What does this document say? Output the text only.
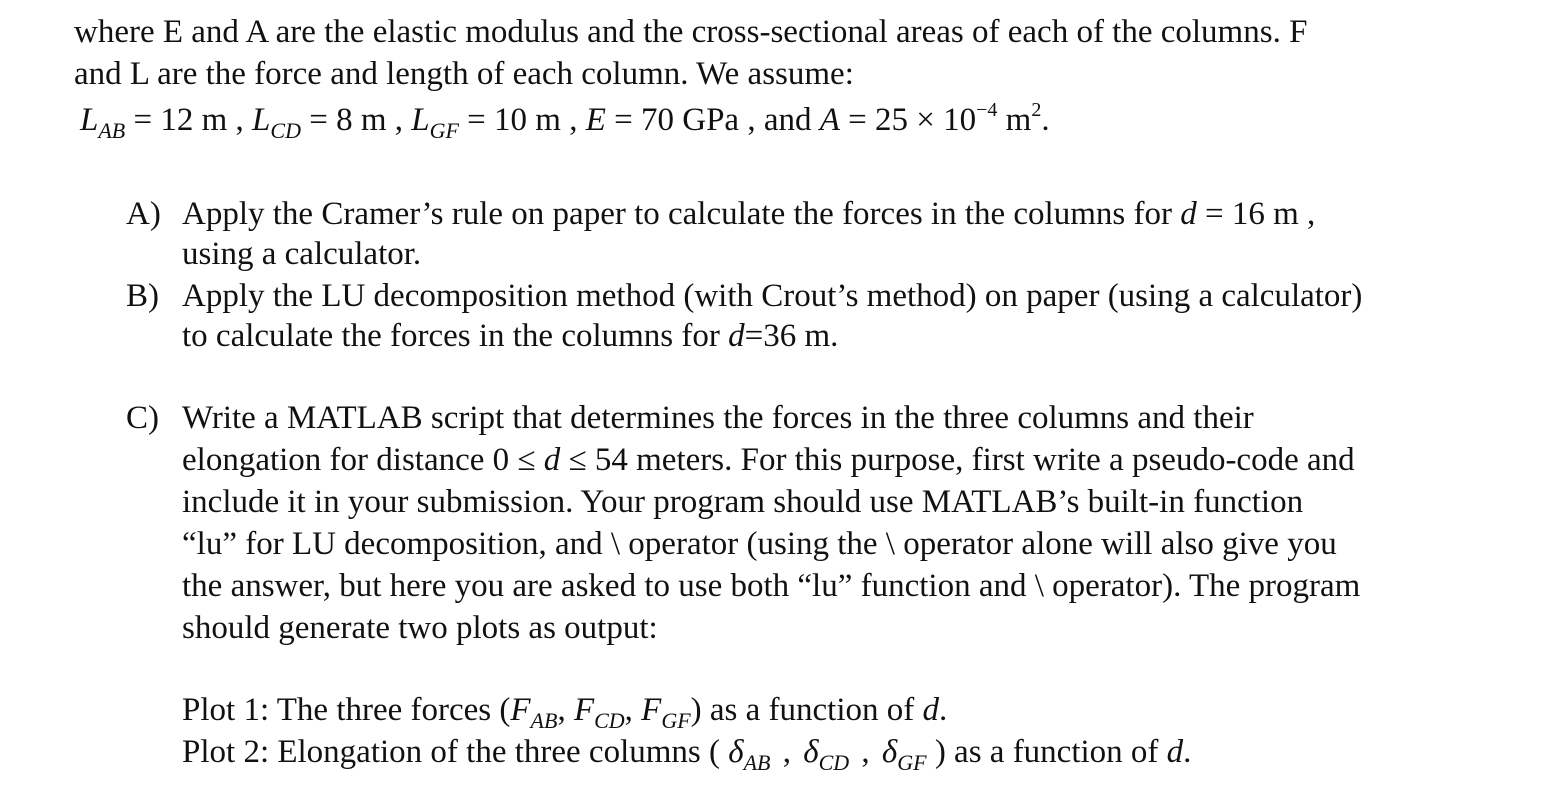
where E and A are the elastic modulus and the cross-sectional areas of each of the columns. F
and L are the force and length of each column. We assume:
$L_{AB} = 12$ m , $L_{CD} = 8$ m , $L_{GF} = 10$ m , E = 70 GPa , and $A = 25 \times 10^{-4}$ $m^2$.
A) Apply the Cramer’s rule on paper to calculate the forces in the columns for d = 16 m ,
using a calculator.
B) Apply the LU decomposition method (with Crout’s method) on paper (using a calculator)
to calculate the forces in the columns for d=36 m.
C) Write a MATLAB script that determines the forces in the three columns and their
elongation for distance 0 ≤ d ≤ 54 meters. For this purpose, first write a pseudo-code and
include it in your submission. Your program should use MATLAB’s built-in function
“lu” for LU decomposition, and \ operator (using the \ operator alone will also give you
the answer, but here you are asked to use both “lu” function and \ operator). The program
should generate two plots as output:
Plot 1: The three forces ($F_{AB}$, $F_{CD}$, $F_{GF}$) as a function of d.
Plot 2: Elongation of the three columns ( $\delta_{AB}$ , $\delta_{CD}$ , $\delta_{GF}$ ) as a function of d.
